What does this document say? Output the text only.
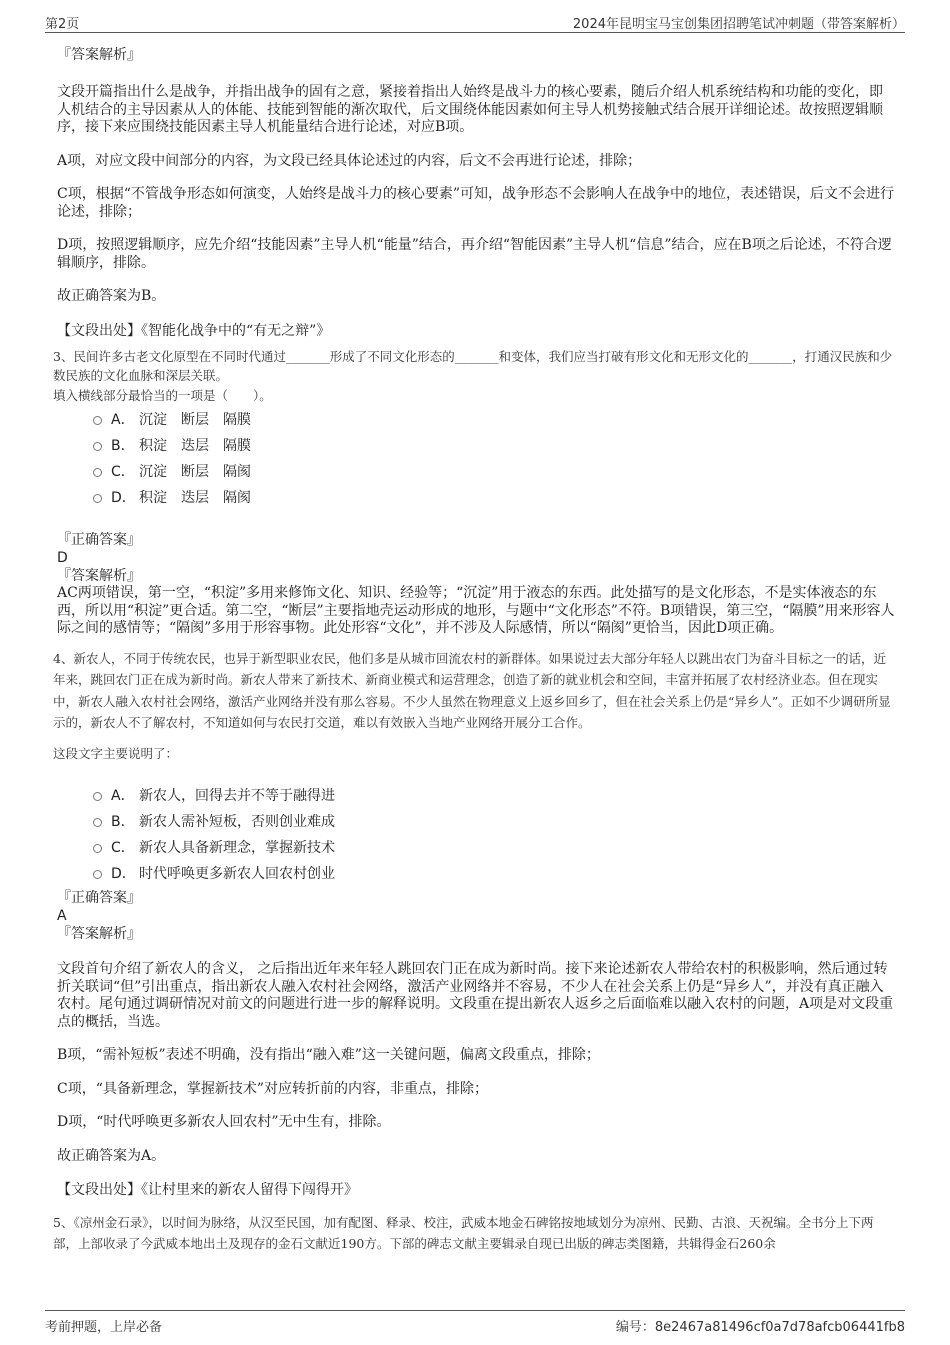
第2页	2024年昆明宝马宝创集团招聘笔试冲刺题（带答案解析）

『答案解析』

文段开篇指出什么是战争，并指出战争的固有之意，紧接着指出人始终是战斗力的核心要素，随后介绍人机系统结构和功能的变化，即人机结合的主导因素从人的体能、技能到智能的渐次取代，后文围绕体能因素如何主导人机势接触式结合展开详细论述。故按照逻辑顺序，接下来应围绕技能因素主导人机能量结合进行论述，对应B项。

A项，对应文段中间部分的内容，为文段已经具体论述过的内容，后文不会再进行论述，排除；

C项，根据“不管战争形态如何演变，人始终是战斗力的核心要素”可知，战争形态不会影响人在战争中的地位，表述错误，后文不会进行论述，排除；

D项，按照逻辑顺序，应先介绍“技能因素”主导人机“能量”结合，再介绍“智能因素”主导人机“信息”结合，应在B项之后论述，不符合逻辑顺序，排除。

故正确答案为B。

【文段出处】《智能化战争中的“有无之辩”》

3、民间许多古老文化原型在不同时代通过_______形成了不同文化形态的_______和变体，我们应当打破有形文化和无形文化的_______，打通汉民族和少数民族的文化血脉和深层关联。

填入横线部分最恰当的一项是（　　）。

A． 沉淀　断层　隔膜
B． 积淀　迭层　隔膜
C． 沉淀　断层　隔阂
D． 积淀　迭层　隔阂

『正确答案』

D

『答案解析』

AC两项错误，第一空，“积淀”多用来修饰文化、知识、经验等；“沉淀”用于液态的东西。此处描写的是文化形态，不是实体液态的东西，所以用“积淀”更合适。第二空，“断层”主要指地壳运动形成的地形，与题中“文化形态”不符。B项错误，第三空，“隔膜”用来形容人际之间的感情等；“隔阂”多用于形容事物。此处形容“文化”，并不涉及人际感情，所以“隔阂”更恰当，因此D项正确。

4、新农人，不同于传统农民，也异于新型职业农民，他们多是从城市回流农村的新群体。如果说过去大部分年轻人以跳出农门为奋斗目标之一的话，近年来，跳回农门正在成为新时尚。新农人带来了新技术、新商业模式和运营理念，创造了新的就业机会和空间，丰富并拓展了农村经济业态。但在现实中，新农人融入农村社会网络，激活产业网络并没有那么容易。不少人虽然在物理意义上返乡回乡了，但在社会关系上仍是“异乡人”。正如不少调研所显示的，新农人不了解农村，不知道如何与农民打交道，难以有效嵌入当地产业网络开展分工合作。

这段文字主要说明了：

A． 新农人，回得去并不等于融得进
B． 新农人需补短板，否则创业难成
C． 新农人具备新理念，掌握新技术
D． 时代呼唤更多新农人回农村创业

『正确答案』

A

『答案解析』

文段首句介绍了新农人的含义， 之后指出近年来年轻人跳回农门正在成为新时尚。接下来论述新农人带给农村的积极影响，然后通过转折关联词“但”引出重点，指出新农人融入农村社会网络，激活产业网络并不容易，不少人在社会关系上仍是“异乡人”，并没有真正融入农村。尾句通过调研情况对前文的问题进行进一步的解释说明。文段重在提出新农人返乡之后面临难以融入农村的问题，A项是对文段重点的概括，当选。

B项，“需补短板”表述不明确，没有指出“融入难”这一关键问题，偏离文段重点，排除；

C项，“具备新理念，掌握新技术”对应转折前的内容，非重点，排除；

D项，“时代呼唤更多新农人回农村”无中生有，排除。

故正确答案为A。

【文段出处】《让村里来的新农人留得下闯得开》

5、《凉州金石录》，以时间为脉络，从汉至民国，加有配图、释录、校注，武威本地金石碑铭按地域划分为凉州、民勤、古浪、天祝编。全书分上下两部，上部收录了今武威本地出土及现存的金石文献近190方。下部的碑志文献主要辑录自现已出版的碑志类图籍，共辑得金石260余

考前押题，上岸必备	编号：8e2467a81496cf0a7d78afcb06441fb8
